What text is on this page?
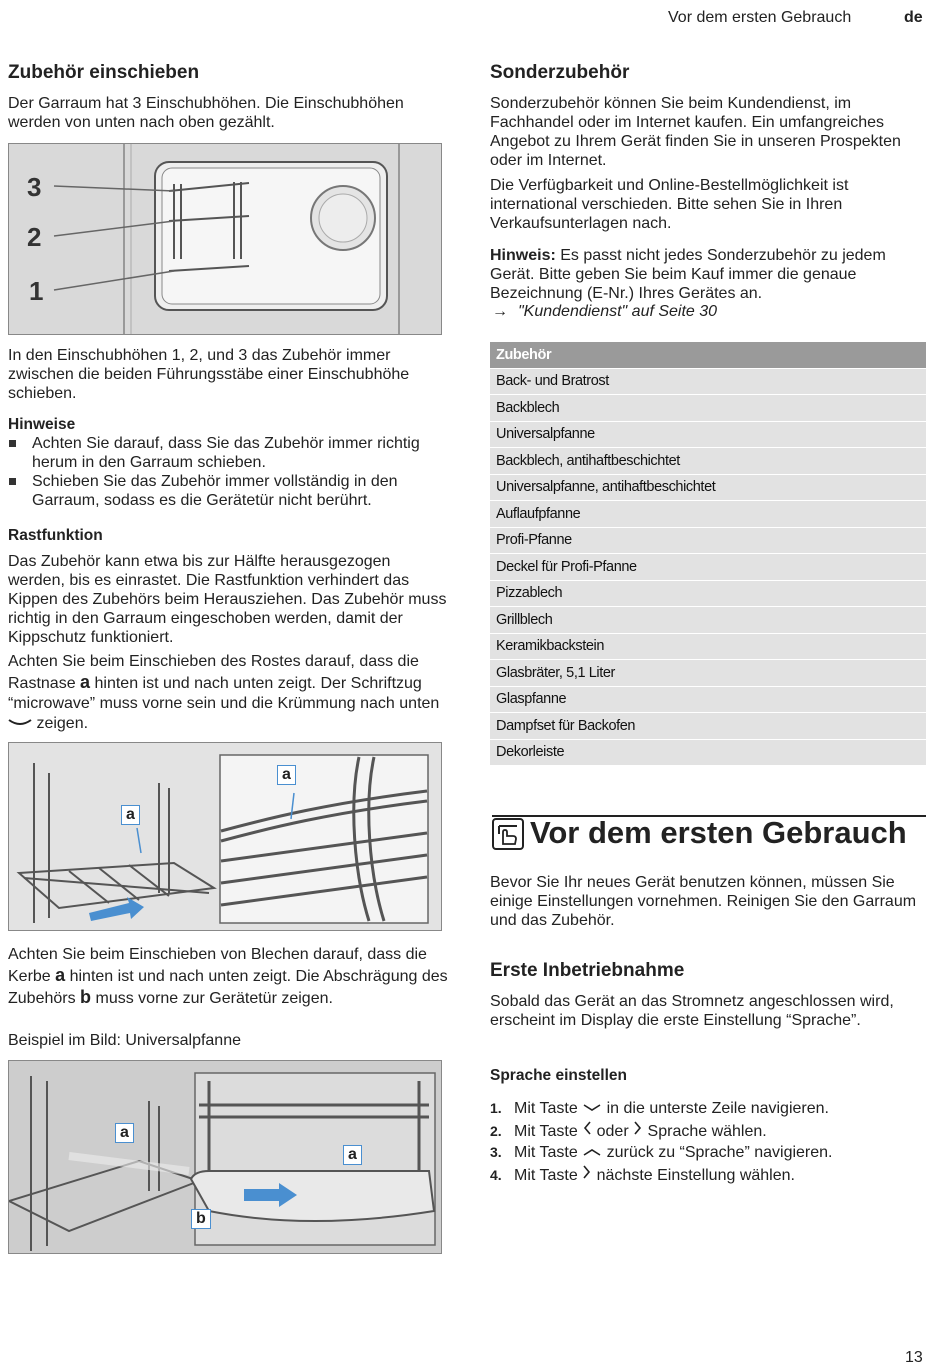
Vor dem ersten Gebrauch	de
Zubehör einschieben

Der Garraum hat 3 Einschubhöhen. Die Einschubhöhen werden von unten nach oben gezählt.

3
2
1

In den Einschubhöhen 1, 2, und 3 das Zubehör immer zwischen die beiden Führungsstäbe einer Einschubhöhe schieben.

Hinweise
Achten Sie darauf, dass Sie das Zubehör immer richtig herum in den Garraum schieben.
Schieben Sie das Zubehör immer vollständig in den Garraum, sodass es die Gerätetür nicht berührt.
Rastfunktion

Das Zubehör kann etwa bis zur Hälfte herausgezogen werden, bis es einrastet. Die Rastfunktion verhindert das Kippen des Zubehörs beim Herausziehen. Das Zubehör muss richtig in den Garraum eingeschoben werden, damit der Kippschutz funktioniert.

Achten Sie beim Einschieben des Rostes darauf, dass die Rastnase a hinten ist und nach unten zeigt. Der Schriftzug “microwave” muss vorne sein und die Krümmung nach unten  zeigen.

a
a

Achten Sie beim Einschieben von Blechen darauf, dass die Kerbe a hinten ist und nach unten zeigt. Die Abschrägung des Zubehörs b muss vorne zur Gerätetür zeigen.

Beispiel im Bild: Universalpfanne

a
a
b
Sonderzubehör

Sonderzubehör können Sie beim Kundendienst, im Fachhandel oder im Internet kaufen. Ein umfangreiches Angebot zu Ihrem Gerät finden Sie in unseren Prospekten oder im Internet.

Die Verfügbarkeit und Online-Bestellmöglichkeit ist international verschieden. Bitte sehen Sie in Ihren Verkaufsunterlagen nach.

Hinweis: Es passt nicht jedes Sonderzubehör zu jedem Gerät. Bitte geben Sie beim Kauf immer die genaue Bezeichnung (E-Nr.) Ihres Gerätes an.

→ "Kundendienst" auf Seite 30

Zubehör
Back- und Bratrost
Backblech
Universalpfanne
Backblech, antihaftbeschichtet
Universalpfanne, antihaftbeschichtet
Auflaufpfanne
Profi-Pfanne
Deckel für Profi-Pfanne
Pizzablech
Grillblech
Keramikbackstein
Glasbräter, 5,1 Liter
Glaspfanne
Dampfset für Backofen
Dekorleiste
Vor dem ersten Gebrauch

Bevor Sie Ihr neues Gerät benutzen können, müssen Sie einige Einstellungen vornehmen. Reinigen Sie den Garraum und das Zubehör.

Erste Inbetriebnahme

Sobald das Gerät an das Stromnetz angeschlossen wird, erscheint im Display die erste Einstellung “Sprache”.

Sprache einstellen
1. Mit Taste  in die unterste Zeile navigieren.
2. Mit Taste  oder  Sprache wählen.
3. Mit Taste  zurück zu “Sprache” navigieren.
4. Mit Taste  nächste Einstellung wählen.
13
